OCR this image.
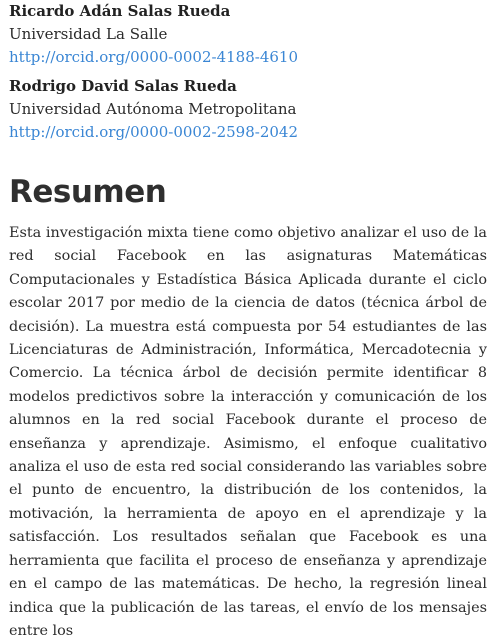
Ricardo Adán Salas Rueda
Universidad La Salle
http://orcid.org/0000-0002-4188-4610
Rodrigo David Salas Rueda
Universidad Autónoma Metropolitana
http://orcid.org/0000-0002-2598-2042
Resumen

Esta investigación mixta tiene como objetivo analizar el uso de la red social Facebook en las asignaturas Matemáticas Computacionales y Estadística Básica Aplicada durante el ciclo escolar 2017 por medio de la ciencia de datos (técnica árbol de decisión). La muestra está compuesta por 54 estudiantes de las Licenciaturas de Administración, Informática, Mercadotecnia y Comercio. La técnica árbol de decisión permite identificar 8 modelos predictivos sobre la interacción y comunicación de los alumnos en la red social Facebook durante el proceso de enseñanza y aprendizaje. Asimismo, el enfoque cualitativo analiza el uso de esta red social considerando las variables sobre el punto de encuentro, la distribución de los contenidos, la motivación, la herramienta de apoyo en el aprendizaje y la satisfacción. Los resultados señalan que Facebook es una herramienta que facilita el proceso de enseñanza y aprendizaje en el campo de las matemáticas. De hecho, la regresión lineal indica que la publicación de las tareas, el envío de los mensajes entre los
